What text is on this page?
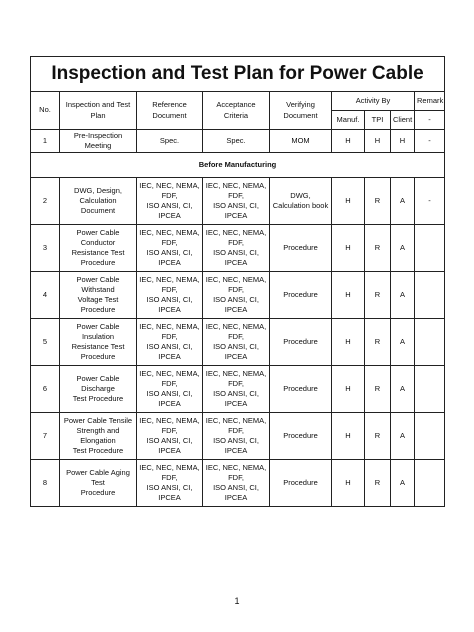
Inspection and Test Plan for Power Cable								
No.	Inspection and Test Plan	Reference Document	Acceptance Criteria	Verifying Document	Activity By			Remark
					Manuf.	TPI	Client	-
1	Pre-Inspection Meeting	Spec.	Spec.	MOM	H	H	H	-
Before Manufacturing								
2	DWG, Design,
Calculation Document	IEC, NEC, NEMA, FDF,
ISO ANSI, CI, IPCEA	IEC, NEC, NEMA, FDF,
ISO ANSI, CI, IPCEA	DWG,
Calculation book	H	R	A	-
3	Power Cable Conductor
Resistance Test Procedure	IEC, NEC, NEMA, FDF,
ISO ANSI, CI, IPCEA	IEC, NEC, NEMA, FDF,
ISO ANSI, CI, IPCEA	Procedure	H	R	A	
4	Power Cable Withstand
Voltage Test Procedure	IEC, NEC, NEMA, FDF,
ISO ANSI, CI, IPCEA	IEC, NEC, NEMA, FDF,
ISO ANSI, CI, IPCEA	Procedure	H	R	A	
5	Power Cable Insulation
Resistance Test Procedure	IEC, NEC, NEMA, FDF,
ISO ANSI, CI, IPCEA	IEC, NEC, NEMA, FDF,
ISO ANSI, CI, IPCEA	Procedure	H	R	A	
6	Power Cable Discharge
Test Procedure	IEC, NEC, NEMA, FDF,
ISO ANSI, CI, IPCEA	IEC, NEC, NEMA, FDF,
ISO ANSI, CI, IPCEA	Procedure	H	R	A	
7	Power Cable Tensile
Strength and Elongation
Test Procedure	IEC, NEC, NEMA, FDF,
ISO ANSI, CI, IPCEA	IEC, NEC, NEMA, FDF,
ISO ANSI, CI, IPCEA	Procedure	H	R	A	
8	Power Cable Aging Test
Procedure	IEC, NEC, NEMA, FDF,
ISO ANSI, CI, IPCEA	IEC, NEC, NEMA, FDF,
ISO ANSI, CI, IPCEA	Procedure	H	R	A	
1
